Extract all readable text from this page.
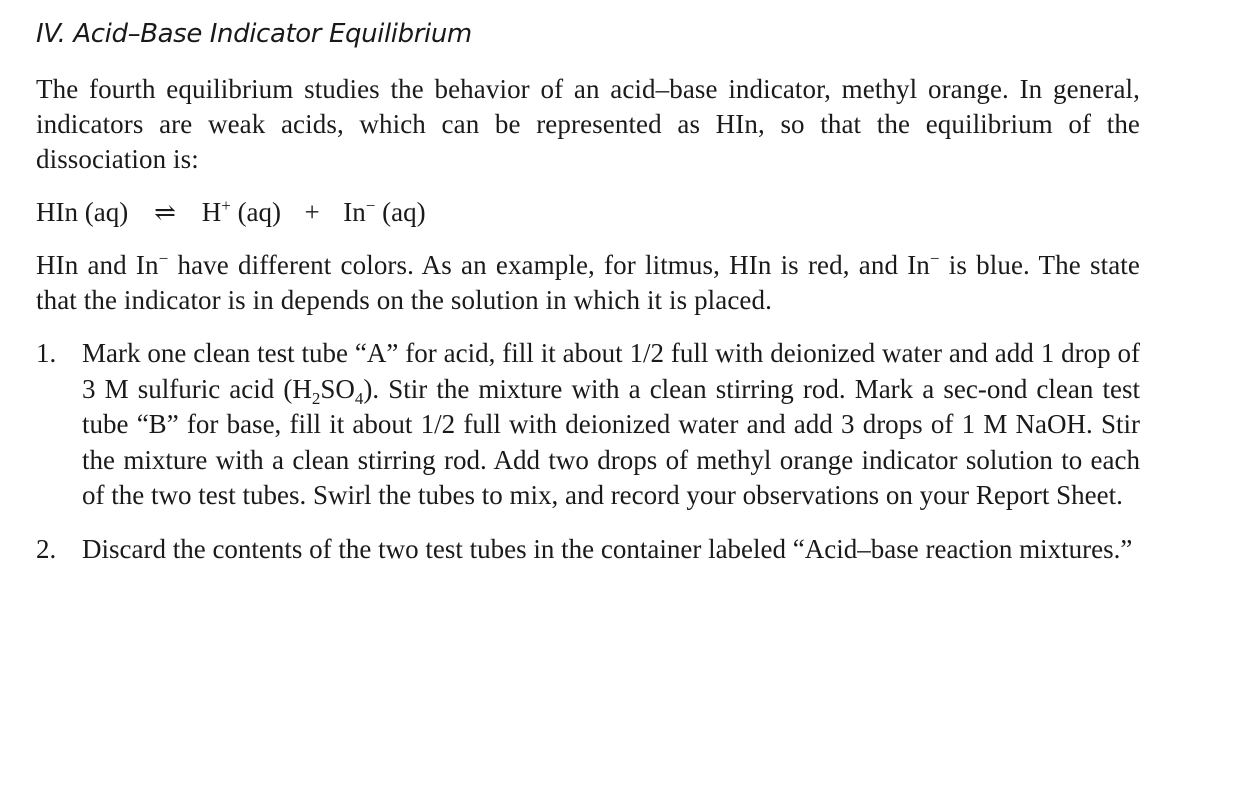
IV. Acid–Base Indicator Equilibrium

The fourth equilibrium studies the behavior of an acid–base indicator, methyl orange. In general, indicators are weak acids, which can be represented as HIn, so that the equilibrium of the dissociation is:

HIn (aq) ⇌ H+ (aq) + In− (aq)

HIn and In− have different colors. As an example, for litmus, HIn is red, and In− is blue. The state that the indicator is in depends on the solution in which it is placed.

1. Mark one clean test tube “A” for acid, fill it about 1/2 full with deionized water and add 1 drop of 3 M sulfuric acid $(H_2SO_4)$. Stir the mixture with a clean stirring rod. Mark a sec-ond clean test tube “B” for base, fill it about 1/2 full with deionized water and add 3 drops of 1 M NaOH. Stir the mixture with a clean stirring rod. Add two drops of methyl orange indicator solution to each of the two test tubes. Swirl the tubes to mix, and record your observations on your Report Sheet.
2. Discard the contents of the two test tubes in the container labeled “Acid–base reaction mixtures.”
